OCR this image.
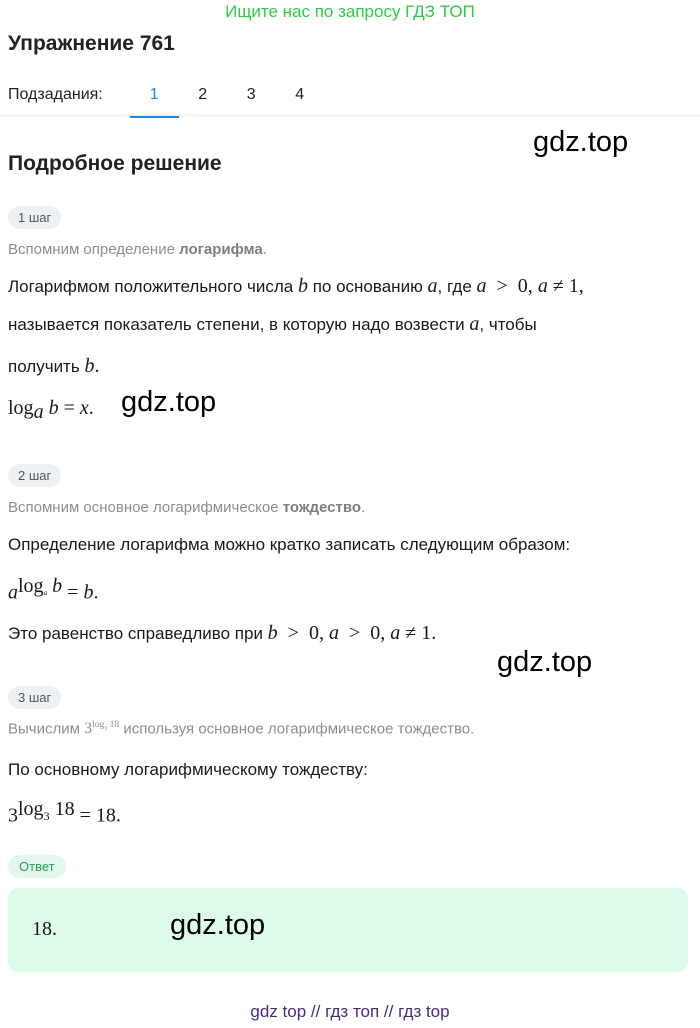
Ищите нас по запросу ГДЗ ТОП
Упражнение 761
Подзадания:	1	2	3	4
gdz.top
Подробное решение
1 шаг
Вспомним определение логарифма.
Логарифмом положительного числа b по основанию a, где a  >  0, a ≠ 1,
называется показатель степени, в которую надо возвести a, чтобы
получить b.
$\log_a b = x$. gdz.top
2 шаг
Вспомним основное логарифмическое тождество.
Определение логарифма можно кратко записать следующим образом:
$a^{log_a b} = b$.
Это равенство справедливо при b  >  0, a  >  0, a ≠ 1.
gdz.top
3 шаг
Вычислим $3^{log_3 18}$ используя основное логарифмическое тождество.
По основному логарифмическому тождеству:
$3^{log_3 18} = 18$.
Ответ
18.	gdz.top
gdz top // гдз топ // гдз top
